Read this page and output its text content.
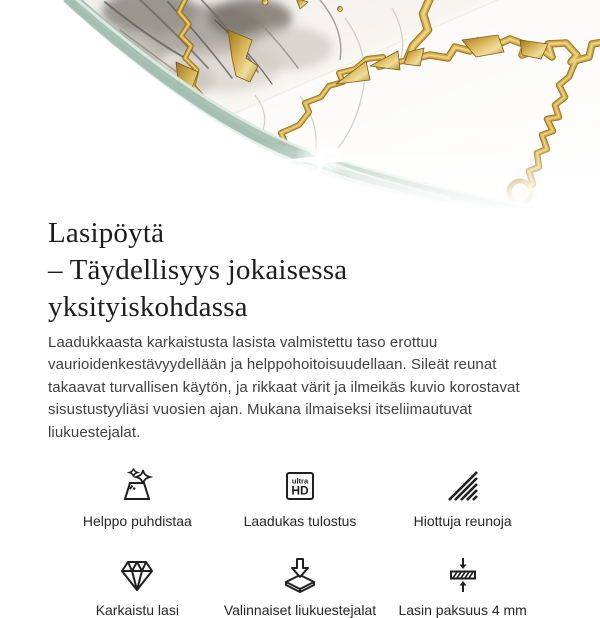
Lasipöytä
– Täydellisyys jokaisessa yksityiskohdassa

Laadukkaasta karkaistusta lasista valmistettu taso erottuu vaurioidenkestävyydellään ja helppohoitoisuudellaan. Sileät reunat takaavat turvallisen käytön, ja rikkaat värit ja ilmeikäs kuvio korostavat sisustustyyliäsi vuosien ajan. Mukana ilmaiseksi itseliimautuvat liukuestejalat.

Helppo puhdistaa
ultra
HD
Laadukas tulostus	Hiottuja reunoja
Karkaistu lasi	Valinnaiset liukuestejalat Lasin paksuus 4 mm
